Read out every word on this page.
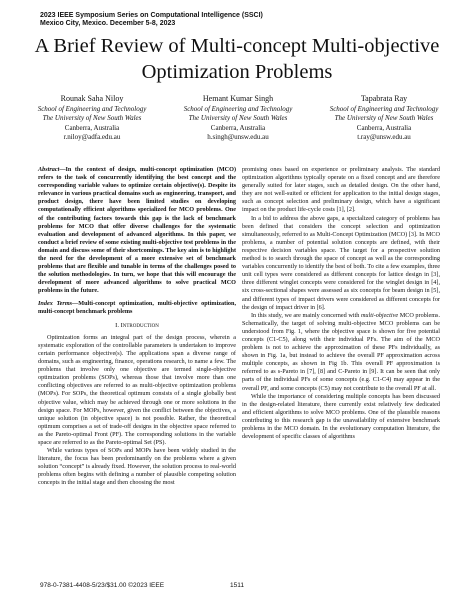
2023 IEEE Symposium Series on Computational Intelligence (SSCI)
Mexico City, Mexico. December 5-8, 2023
A Brief Review of Multi-concept Multi-objective
Optimization Problems
Rounak Saha Niloy
School of Engineering and Technology
The University of New South Wales
Canberra, Australia
r.niloy@adfa.edu.au
Hemant Kumar Singh
School of Engineering and Technology
The University of New South Wales
Canberra, Australia
h.singh@unsw.edu.au
Tapabrata Ray
School of Engineering and Technology
The University of New South Wales
Canberra, Australia
t.ray@unsw.edu.au

Abstract—In the context of design, multi-concept optimization (MCO) refers to the task of concurrently identifying the best concept and the corresponding variable values to optimize certain objective(s). Despite its relevance in various practical domains such as engineering, transport, and product design, there have been limited studies on developing computationally efficient algorithms specialized for MCO problems. One of the contributing factors towards this gap is the lack of benchmark problems for MCO that offer diverse challenges for the systematic evaluation and development of advanced algorithms. In this paper, we conduct a brief review of some existing multi-objective test problems in the domain and discuss some of their shortcomings. The key aim is to highlight the need for the development of a more extensive set of benchmark problems that are flexible and tunable in terms of the challenges posed to the solution methodologies. In turn, we hope that this will encourage the development of more advanced algorithms to solve practical MCO problems in the future.

Index Terms—Multi-concept optimization, multi-objective optimization, multi-concept benchmark problems

I. Introduction

Optimization forms an integral part of the design process, wherein a systematic exploration of the controllable parameters is undertaken to improve certain performance objective(s). The applications span a diverse range of domains, such as engineering, finance, operations research, to name a few. The problems that involve only one objective are termed single-objective optimization problems (SOPs), whereas those that involve more than one conflicting objectives are referred to as multi-objective optimization problems (MOPs). For SOPs, the theoretical optimum consists of a single globally best objective value, which may be achieved through one or more solutions in the design space. For MOPs, however, given the conflict between the objectives, a unique solution (in objective space) is not possible. Rather, the theoretical optimum comprises a set of trade-off designs in the objective space referred to as the Pareto-optimal Front (PF). The corresponding solutions in the variable space are referred to as the Pareto-optimal Set (PS).

While various types of SOPs and MOPs have been widely studied in the literature, the focus has been predominantly on the problems where a given solution “concept” is already fixed. However, the solution process to real-world problems often begins with defining a number of plausible competing solution concepts in the initial stage and then choosing the most

promising ones based on experience or preliminary analysis. The standard optimization algorithms typically operate on a fixed concept and are therefore generally suited for later stages, such as detailed design. On the other hand, they are not well-suited or efficient for application to the initial design stages, such as concept selection and preliminary design, which have a significant impact on the product life-cycle costs [1], [2].

In a bid to address the above gaps, a specialized category of problems has been defined that considers the concept selection and optimization simultaneously, referred to as Multi-Concept Optimization (MCO) [3]. In MCO problems, a number of potential solution concepts are defined, with their respective decision variables space. The target for a prospective solution method is to search through the space of concept as well as the corresponding variables concurrently to identify the best of both. To cite a few examples, three unit cell types were considered as different concepts for lattice design in [3], three different winglet concepts were considered for the winglet design in [4], six cross-sectional shapes were assessed as six concepts for beam design in [5], and different types of impact drivers were considered as different concepts for the design of impact driver in [6].

In this study, we are mainly concerned with multi-objective MCO problems. Schematically, the target of solving multi-objective MCO problems can be understood from Fig. 1, where the objective space is shown for five potential concepts (C1-C5), along with their individual PFs. The aim of the MCO problem is not to achieve the approximation of these PFs individually, as shown in Fig. 1a, but instead to achieve the overall PF approximation across multiple concepts, as shown in Fig 1b. This overall PF approximation is referred to as s-Pareto in [7], [8] and C-Pareto in [9]. It can be seen that only parts of the individual PFs of some concepts (e.g. C1-C4) may appear in the overall PF, and some concepts (C5) may not contribute to the overall PF at all.

While the importance of considering multiple concepts has been discussed in the design-related literature, there currently exist relatively few dedicated and efficient algorithms to solve MCO problems. One of the plausible reasons contributing to this research gap is the unavailability of extensive benchmark problems in the MCO domain. In the evolutionary computation literature, the development of specific classes of algorithms

978-0-7381-4408-5/23/$31.00 ©2023 IEEE	1511
